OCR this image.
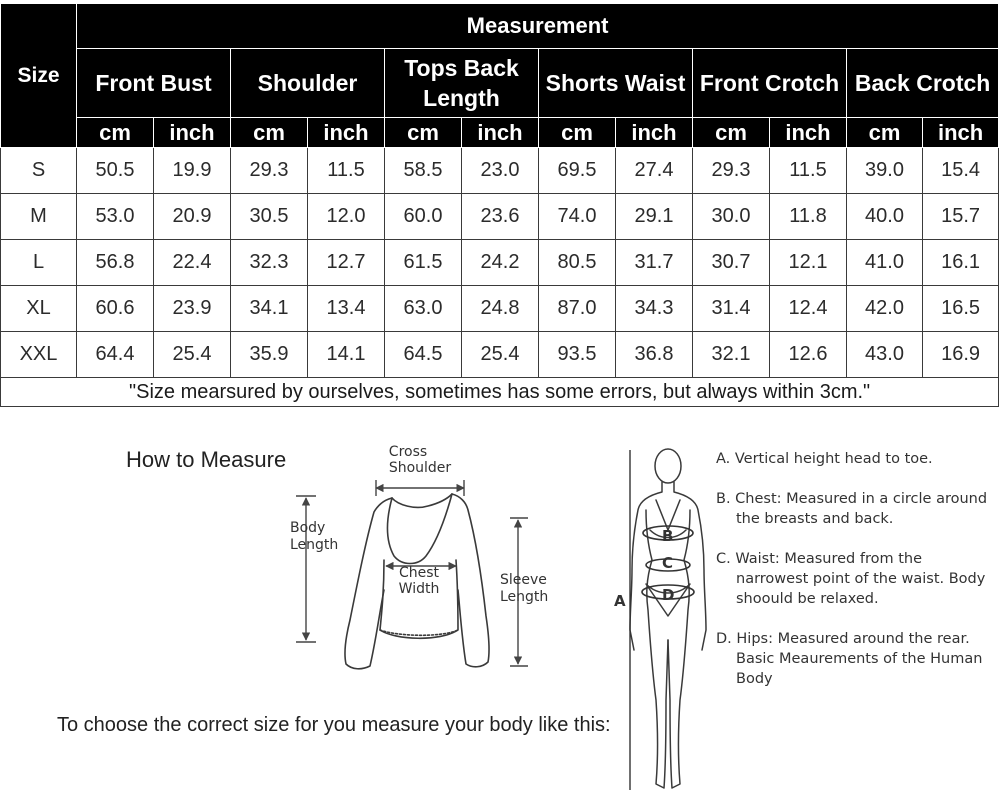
Size	Measurement											
	Front Bust		Shoulder		Tops Back Length		Shorts Waist		Front Crotch		Back Crotch	
	cm	inch	cm	inch	cm	inch	cm	inch	cm	inch	cm	inch
S	50.5	19.9	29.3	11.5	58.5	23.0	69.5	27.4	29.3	11.5	39.0	15.4
M	53.0	20.9	30.5	12.0	60.0	23.6	74.0	29.1	30.0	11.8	40.0	15.7
L	56.8	22.4	32.3	12.7	61.5	24.2	80.5	31.7	30.7	12.1	41.0	16.1
XL	60.6	23.9	34.1	13.4	63.0	24.8	87.0	34.3	31.4	12.4	42.0	16.5
XXL	64.4	25.4	35.9	14.1	64.5	25.4	93.5	36.8	32.1	12.6	43.0	16.9
"Size mearsured by ourselves, sometimes has some errors, but always within 3cm."												
How to Measure	Cross
Shoulder
Body
Length
Chest
Width
Sleeve
Length	A
B
C
D

A. Vertical height head to toe.

B. Chest: Measured in a circle around the breasts and back.

C. Waist: Measured from the narrowest point of the waist. Body shoould be relaxed.

D. Hips: Measured around the rear. Basic Meaurements of the Human Body

To choose the correct size for you measure your body like this:
